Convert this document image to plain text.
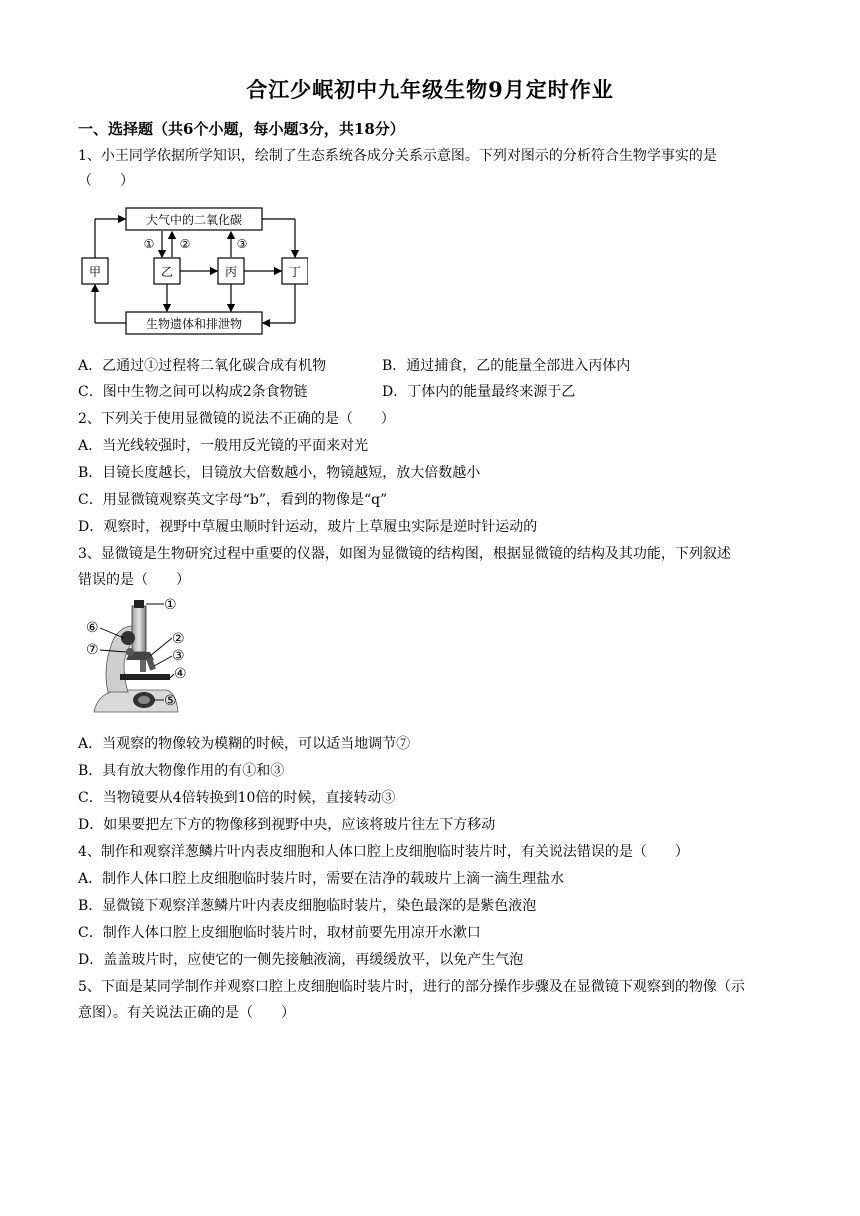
合江少岷初中九年级生物9月定时作业
一、选择题（共6个小题，每小题3分，共18分）
1、小王同学依据所学知识，绘制了生态系统各成分关系示意图。下列对图示的分析符合生物学事实的是
（　　）
大气中的二氧化碳
生物遗体和排泄物
甲	乙	丙	丁
① ②	③
A．乙通过①过程将二氧化碳合成有机物	B．通过捕食，乙的能量全部进入丙体内
C．图中生物之间可以构成2条食物链	D．丁体内的能量最终来源于乙
2、下列关于使用显微镜的说法不正确的是（　　）
A．当光线较强时，一般用反光镜的平面来对光
B．目镜长度越长，目镜放大倍数越小，物镜越短，放大倍数越小
C．用显微镜观察英文字母“b”，看到的物像是“q”
D．观察时，视野中草履虫顺时针运动，玻片上草履虫实际是逆时针运动的
3、显微镜是生物研究过程中重要的仪器，如图为显微镜的结构图，根据显微镜的结构及其功能，下列叙述
错误的是（　　）
①
②
③
④
⑤
⑥
⑦
A．当观察的物像较为模糊的时候，可以适当地调节⑦
B．具有放大物像作用的有①和③
C．当物镜要从4倍转换到10倍的时候，直接转动③
D．如果要把左下方的物像移到视野中央，应该将玻片往左下方移动
4、制作和观察洋葱鳞片叶内表皮细胞和人体口腔上皮细胞临时装片时，有关说法错误的是（　　）
A．制作人体口腔上皮细胞临时装片时，需要在洁净的载玻片上滴一滴生理盐水
B．显微镜下观察洋葱鳞片叶内表皮细胞临时装片，染色最深的是紫色液泡
C．制作人体口腔上皮细胞临时装片时，取材前要先用凉开水漱口
D．盖盖玻片时，应使它的一侧先接触液滴，再缓缓放平，以免产生气泡
5、下面是某同学制作并观察口腔上皮细胞临时装片时，进行的部分操作步骤及在显微镜下观察到的物像（示
意图）。有关说法正确的是（　　）
